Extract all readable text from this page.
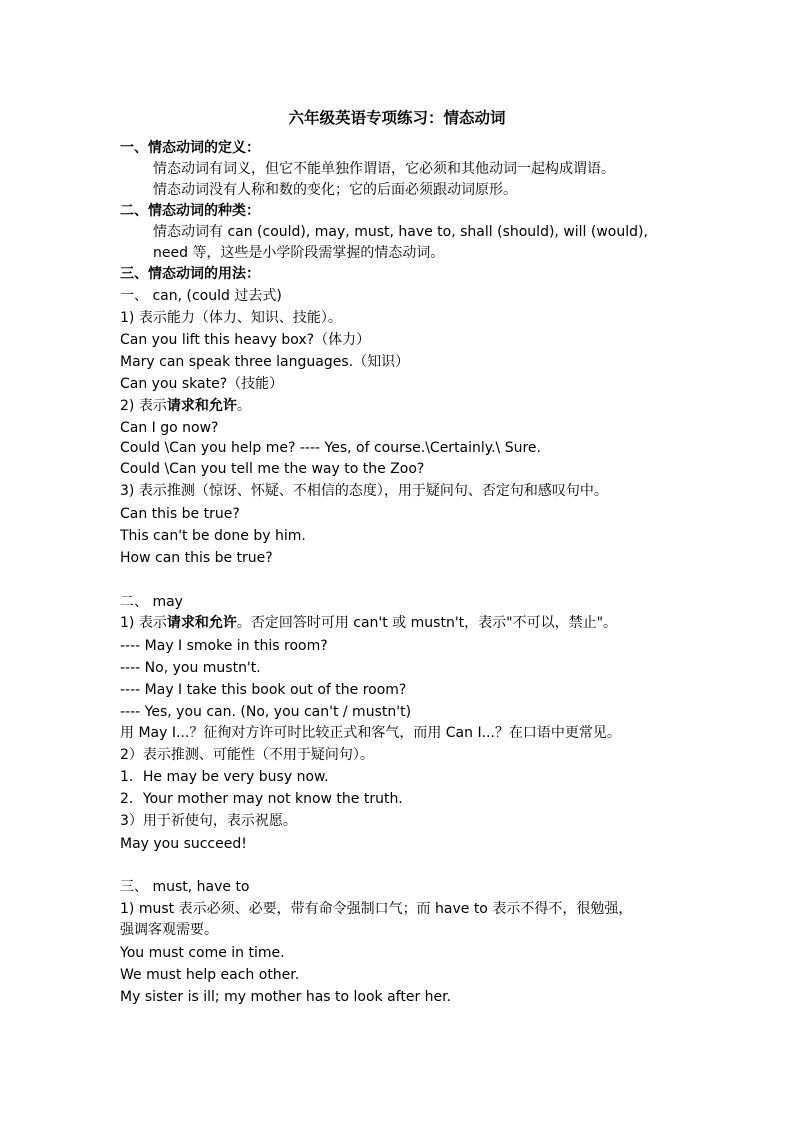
六年级英语专项练习：情态动词
一、情态动词的定义：
情态动词有词义，但它不能单独作谓语，它必须和其他动词一起构成谓语。
情态动词没有人称和数的变化；它的后面必须跟动词原形。
二、情态动词的种类：
情态动词有 can (could), may, must, have to, shall (should), will (would),
need 等，这些是小学阶段需掌握的情态动词。
三、情态动词的用法：
一、 can, (could 过去式)
1) 表示能力（体力、知识、技能）。
Can you lift this heavy box?（体力）
Mary can speak three languages.（知识）
Can you skate?（技能）
2) 表示请求和允许。
Can I go now?
Could \Can you help me? ---- Yes, of course.\Certainly.\ Sure.
Could \Can you tell me the way to the Zoo?
3) 表示推测（惊讶、怀疑、不相信的态度），用于疑问句、否定句和感叹句中。
Can this be true?
This can't be done by him.
How can this be true?
二、 may
1) 表示请求和允许。否定回答时可用 can't 或 mustn't，表示"不可以，禁止"。
---- May I smoke in this room?
---- No, you mustn't.
---- May I take this book out of the room?
---- Yes, you can. (No, you can't / mustn't)
用 May I...？征徇对方许可时比较正式和客气，而用 Can I...？在口语中更常见。
2）表示推测、可能性（不用于疑问句）。
1．He may be very busy now.
2．Your mother may not know the truth.
3）用于祈使句，表示祝愿。
May you succeed!
三、 must, have to
1) must 表示必须、必要，带有命令强制口气；而 have to 表示不得不，很勉强，
强调客观需要。
You must come in time.
We must help each other.
My sister is ill; my mother has to look after her.
